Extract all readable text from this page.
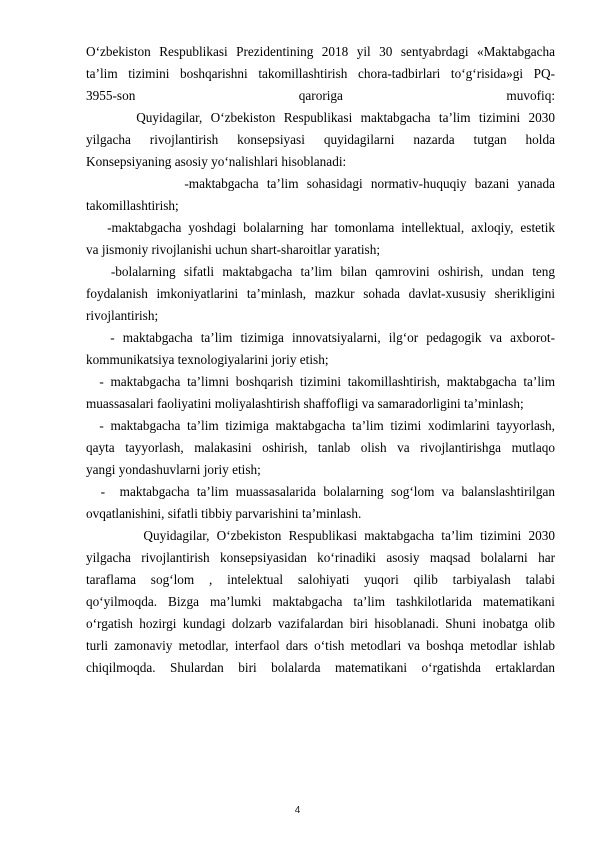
O‘zbekiston Respublikasi Prezidentining 2018 yil 30 sentyabrdagi «Maktabgacha
ta’lim tizimini boshqarishni takomillashtirish chora-tadbirlari to‘g‘risida»gi PQ-
3955-son qaroriga muvofiq:
Quyidagilar, O‘zbekiston Respublikasi maktabgacha ta’lim tizimini 2030
yilgacha rivojlantirish konsepsiyasi quyidagilarni nazarda tutgan holda
Konsepsiyaning asosiy yo‘nalishlari hisoblanadi:
-maktabgacha ta’lim sohasidagi normativ-huquqiy bazani yanada
takomillashtirish;
-maktabgacha yoshdagi bolalarning har tomonlama intellektual, axloqiy, estetik
va jismoniy rivojlanishi uchun shart-sharoitlar yaratish;
-bolalarning sifatli maktabgacha ta’lim bilan qamrovini oshirish, undan teng
foydalanish imkoniyatlarini ta’minlash, mazkur sohada davlat-xususiy sherikligini
rivojlantirish;
- maktabgacha ta’lim tizimiga innovatsiyalarni, ilg‘or pedagogik va axborot-
kommunikatsiya texnologiyalarini joriy etish;
- maktabgacha ta’limni boshqarish tizimini takomillashtirish, maktabgacha ta’lim
muassasalari faoliyatini moliyalashtirish shaffofligi va samaradorligini ta’minlash;
- maktabgacha ta’lim tizimiga maktabgacha ta’lim tizimi xodimlarini tayyorlash,
qayta tayyorlash, malakasini oshirish, tanlab olish va rivojlantirishga mutlaqo
yangi yondashuvlarni joriy etish;
-  maktabgacha ta’lim muassasalarida bolalarning sog‘lom va balanslashtirilgan
ovqatlanishini, sifatli tibbiy parvarishini ta’minlash.
Quyidagilar, O‘zbekiston Respublikasi maktabgacha ta’lim tizimini 2030
yilgacha rivojlantirish konsepsiyasidan ko‘rinadiki asosiy maqsad bolalarni har
taraflama sog‘lom , intelektual salohiyati yuqori qilib tarbiyalash talabi
qo‘yilmoqda. Bizga ma’lumki maktabgacha ta’lim tashkilotlarida matematikani
o‘rgatish hozirgi kundagi dolzarb vazifalardan biri hisoblanadi. Shuni inobatga olib
turli zamonaviy metodlar, interfaol dars o‘tish metodlari va boshqa metodlar ishlab
chiqilmoqda. Shulardan biri bolalarda matematikani o‘rgatishda ertaklardan
4
